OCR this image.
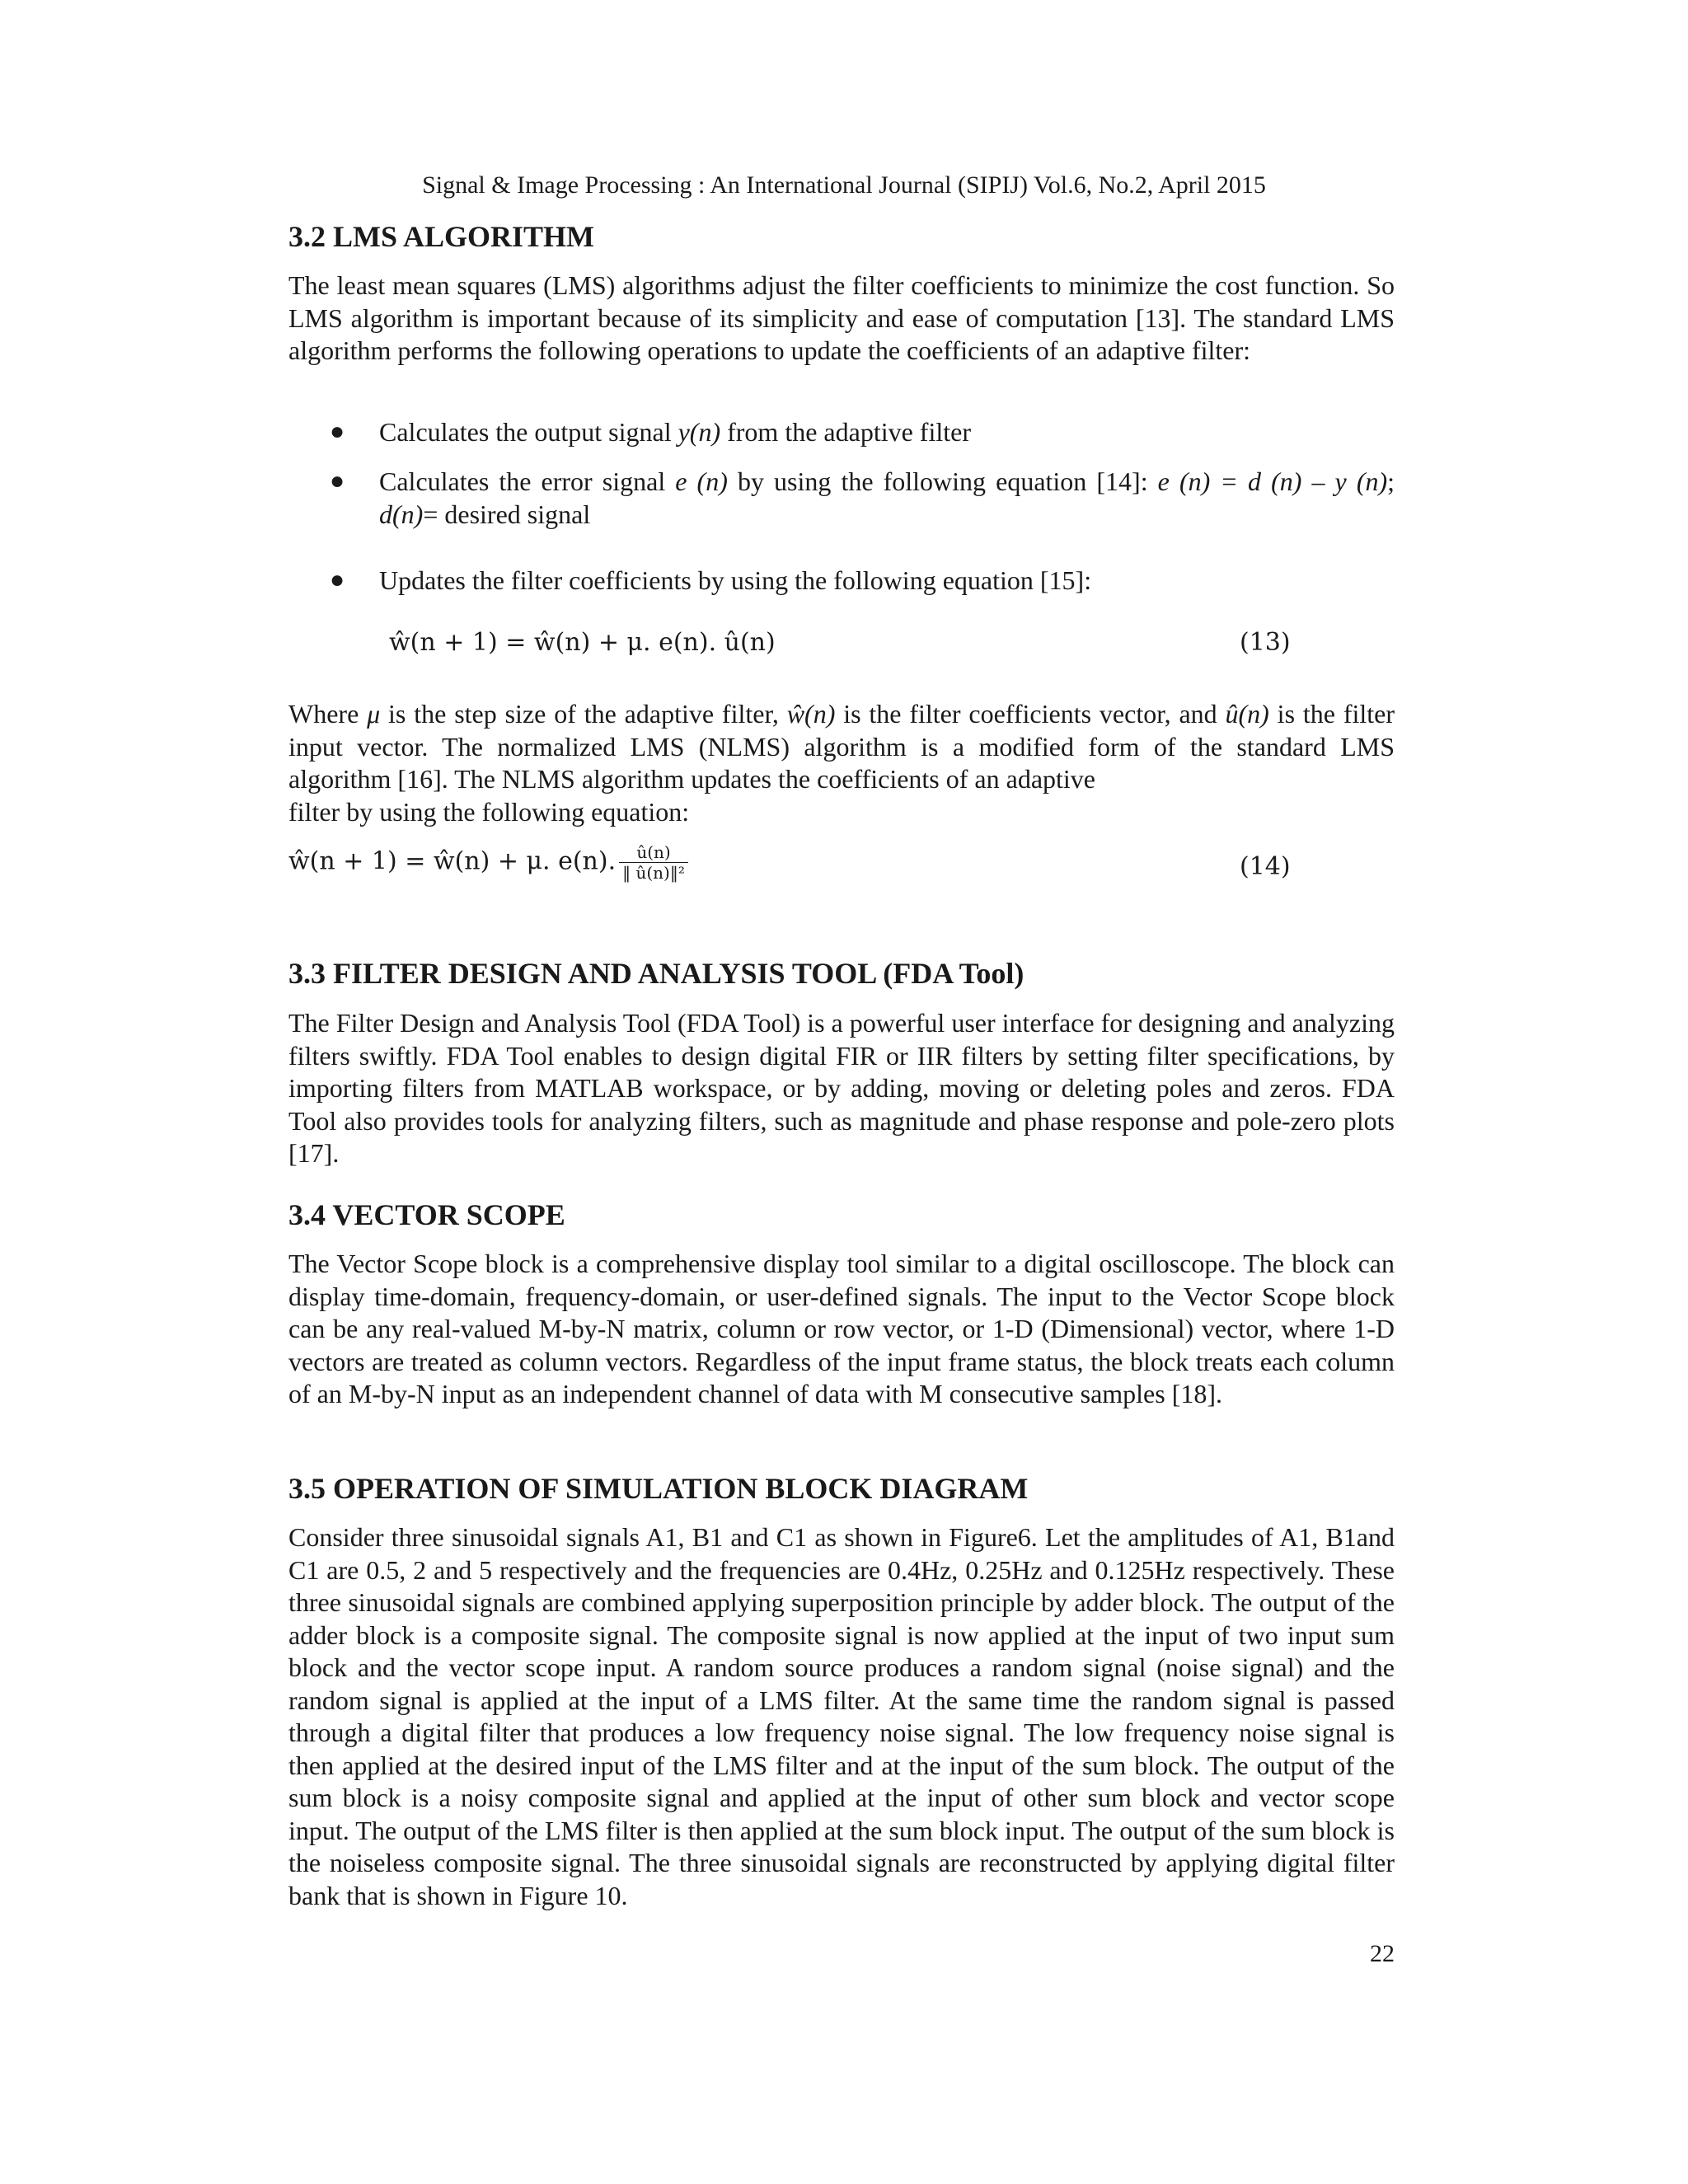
Signal & Image Processing : An International Journal (SIPIJ) Vol.6, No.2, April 2015
3.2 LMS ALGORITHM

The least mean squares (LMS) algorithms adjust the filter coefficients to minimize the cost function. So LMS algorithm is important because of its simplicity and ease of computation [13]. The standard LMS algorithm performs the following operations to update the coefficients of an adaptive filter:

● Calculates the output signal y(n) from the adaptive filter

● Calculates the error signal e (n) by using the following equation [14]: e (n) = d (n) – y (n); d(n)= desired signal

● Updates the filter coefficients by using the following equation [15]:

ŵ(n + 1) = ŵ(n) + μ. e(n). û(n)	(13)

Where μ is the step size of the adaptive filter, ŵ(n) is the filter coefficients vector, and û(n) is the filter input vector. The normalized LMS (NLMS) algorithm is a modified form of the standard LMS algorithm [16]. The NLMS algorithm updates the coefficients of an adaptive

filter by using the following equation:
ŵ(n + 1) = ŵ(n) + μ. e(n). $\frac{û(n)}{\text{‖ û(n)‖²}}$	(14)
3.3 FILTER DESIGN AND ANALYSIS TOOL (FDA Tool)

The Filter Design and Analysis Tool (FDA Tool) is a powerful user interface for designing and analyzing filters swiftly. FDA Tool enables to design digital FIR or IIR filters by setting filter specifications, by importing filters from MATLAB workspace, or by adding, moving or deleting poles and zeros. FDA Tool also provides tools for analyzing filters, such as magnitude and phase response and pole-zero plots [17].

3.4 VECTOR SCOPE

The Vector Scope block is a comprehensive display tool similar to a digital oscilloscope. The block can display time-domain, frequency-domain, or user-defined signals. The input to the Vector Scope block can be any real-valued M-by-N matrix, column or row vector, or 1-D (Dimensional) vector, where 1-D vectors are treated as column vectors. Regardless of the input frame status, the block treats each column of an M-by-N input as an independent channel of data with M consecutive samples [18].

3.5 OPERATION OF SIMULATION BLOCK DIAGRAM

Consider three sinusoidal signals A1, B1 and C1 as shown in Figure6. Let the amplitudes of A1, B1and C1 are 0.5, 2 and 5 respectively and the frequencies are 0.4Hz, 0.25Hz and 0.125Hz respectively. These three sinusoidal signals are combined applying superposition principle by adder block. The output of the adder block is a composite signal. The composite signal is now applied at the input of two input sum block and the vector scope input. A random source produces a random signal (noise signal) and the random signal is applied at the input of a LMS filter. At the same time the random signal is passed through a digital filter that produces a low frequency noise signal. The low frequency noise signal is then applied at the desired input of the LMS filter and at the input of the sum block. The output of the sum block is a noisy composite signal and applied at the input of other sum block and vector scope input. The output of the LMS filter is then applied at the sum block input. The output of the sum block is the noiseless composite signal. The three sinusoidal signals are reconstructed by applying digital filter bank that is shown in Figure 10.

22
